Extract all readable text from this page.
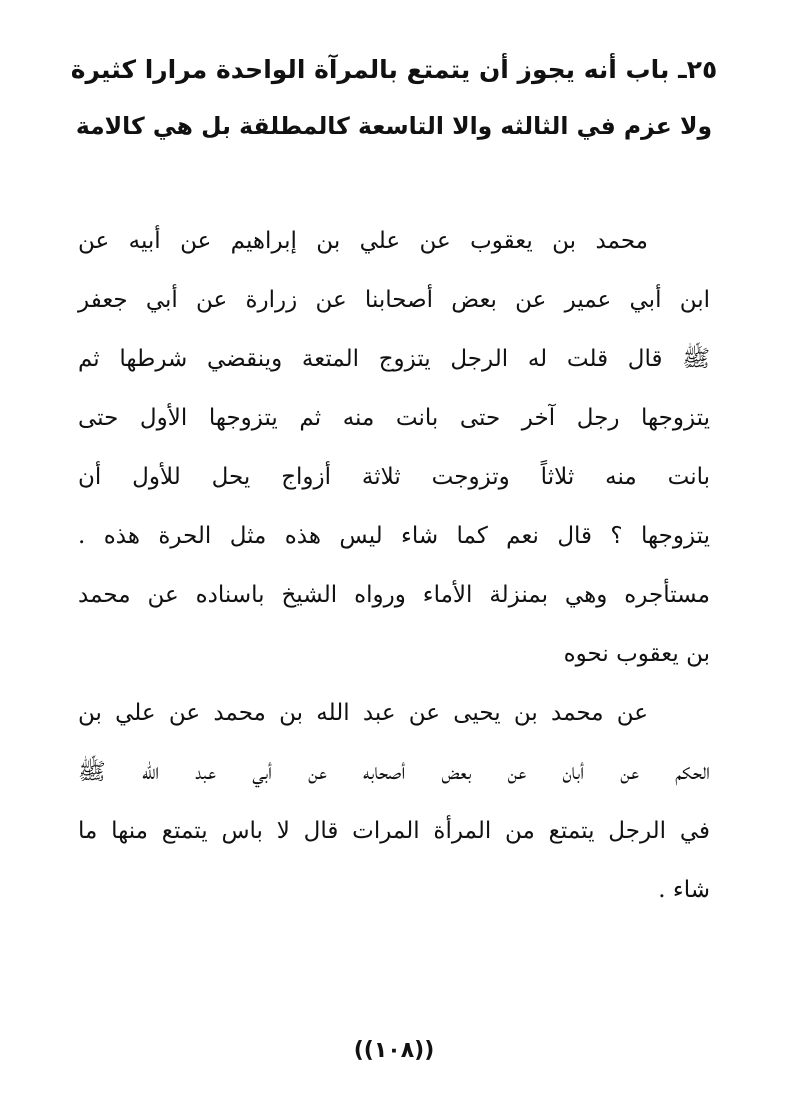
٢٥ـ باب أنه يجوز أن يتمتع بالمرآة الواحدة مرارا كثيرة
ولا عزم في الثالثه والا التاسعة كالمطلقة بل هي كالامة
محمد بن يعقوب عن علي بن إبراهيم عن أبيه عن
ابن أبي عمير عن بعض أصحابنا عن زرارة عن أبي جعفر
ﷺ قال قلت له الرجل يتزوج المتعة وينقضي شرطها ثم
يتزوجها رجل آخر حتى بانت منه ثم يتزوجها الأول حتى
بانت منه ثلاثاً وتزوجت ثلاثة أزواج يحل للأول أن
يتزوجها ؟ قال نعم كما شاء ليس هذه مثل الحرة هذه .
مستأجره وهي بمنزلة الأماء ورواه الشيخ باسناده عن محمد
بن يعقوب نحوه
عن محمد بن يحيى عن عبد الله بن محمد عن علي بن
الحكم عن أبان عن بعض أصحابه عن أبي عبد الله ﷺ
في الرجل يتمتع من المرأة المرات قال لا باس يتمتع منها ما
شاء .
((١٠٨))
